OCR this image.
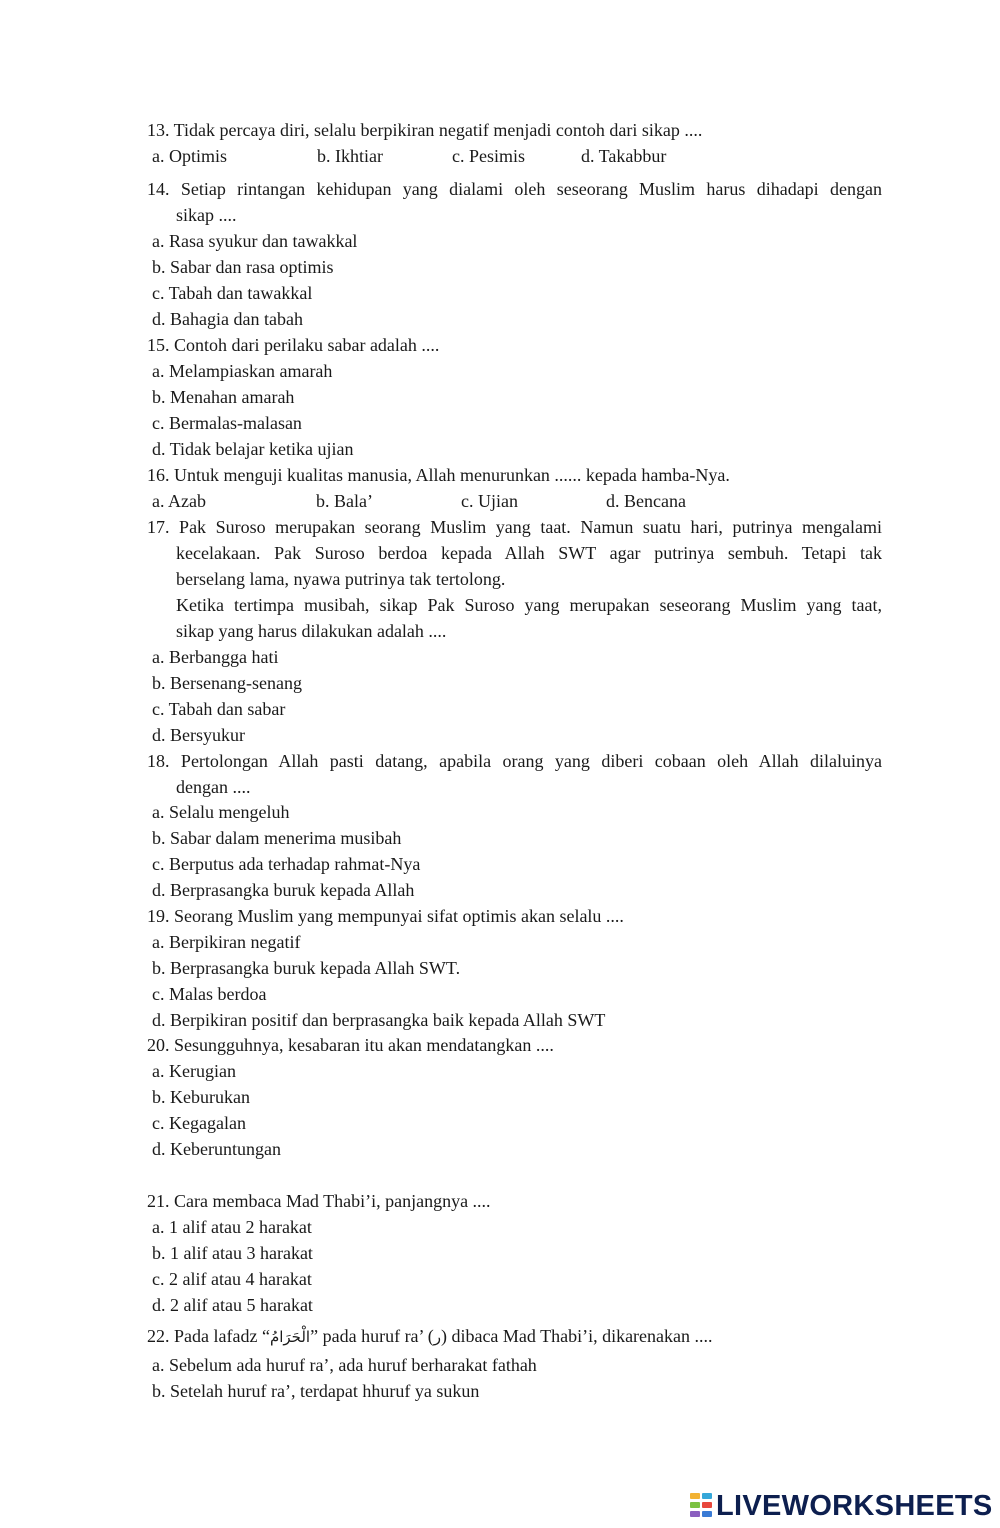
13. Tidak percaya diri, selalu berpikiran negatif menjadi contoh dari sikap ....
a. Optimis	b. Ikhtiar	c. Pesimis	d. Takabbur
14. Setiap rintangan kehidupan yang dialami oleh seseorang Muslim harus dihadapi dengan
sikap ....
a. Rasa syukur dan tawakkal
b. Sabar dan rasa optimis
c. Tabah dan tawakkal
d. Bahagia dan tabah
15. Contoh dari perilaku sabar adalah ....
a. Melampiaskan amarah
b. Menahan amarah
c. Bermalas-malasan
d. Tidak belajar ketika ujian
16. Untuk menguji kualitas manusia, Allah menurunkan ...... kepada hamba-Nya.
a. Azab	b. Bala’	c. Ujian	d. Bencana
17. Pak Suroso merupakan seorang Muslim yang taat. Namun suatu hari, putrinya mengalami
kecelakaan. Pak Suroso berdoa kepada Allah SWT agar putrinya sembuh. Tetapi tak
berselang lama, nyawa putrinya tak tertolong.
Ketika tertimpa musibah, sikap Pak Suroso yang merupakan seseorang Muslim yang taat,
sikap yang harus dilakukan adalah ....
a. Berbangga hati
b. Bersenang-senang
c. Tabah dan sabar
d. Bersyukur
18. Pertolongan Allah pasti datang, apabila orang yang diberi cobaan oleh Allah dilaluinya
dengan ....
a. Selalu mengeluh
b. Sabar dalam menerima musibah
c. Berputus ada terhadap rahmat-Nya
d. Berprasangka buruk kepada Allah
19. Seorang Muslim yang mempunyai sifat optimis akan selalu ....
a. Berpikiran negatif
b. Berprasangka buruk kepada Allah SWT.
c. Malas berdoa
d. Berpikiran positif dan berprasangka baik kepada Allah SWT
20. Sesungguhnya, kesabaran itu akan mendatangkan ....
a. Kerugian
b. Keburukan
c. Kegagalan
d. Keberuntungan
21. Cara membaca Mad Thabi’i, panjangnya ....
a. 1 alif atau 2 harakat
b. 1 alif atau 3 harakat
c. 2 alif atau 4 harakat
d. 2 alif atau 5 harakat
22. Pada lafadz “الْحَرَامُ” pada huruf ra’ (ر) dibaca Mad Thabi’i, dikarenakan ....
a. Sebelum ada huruf ra’, ada huruf berharakat fathah
b. Setelah huruf ra’, terdapat hhuruf ya sukun
LIVEWORKSHEETS
